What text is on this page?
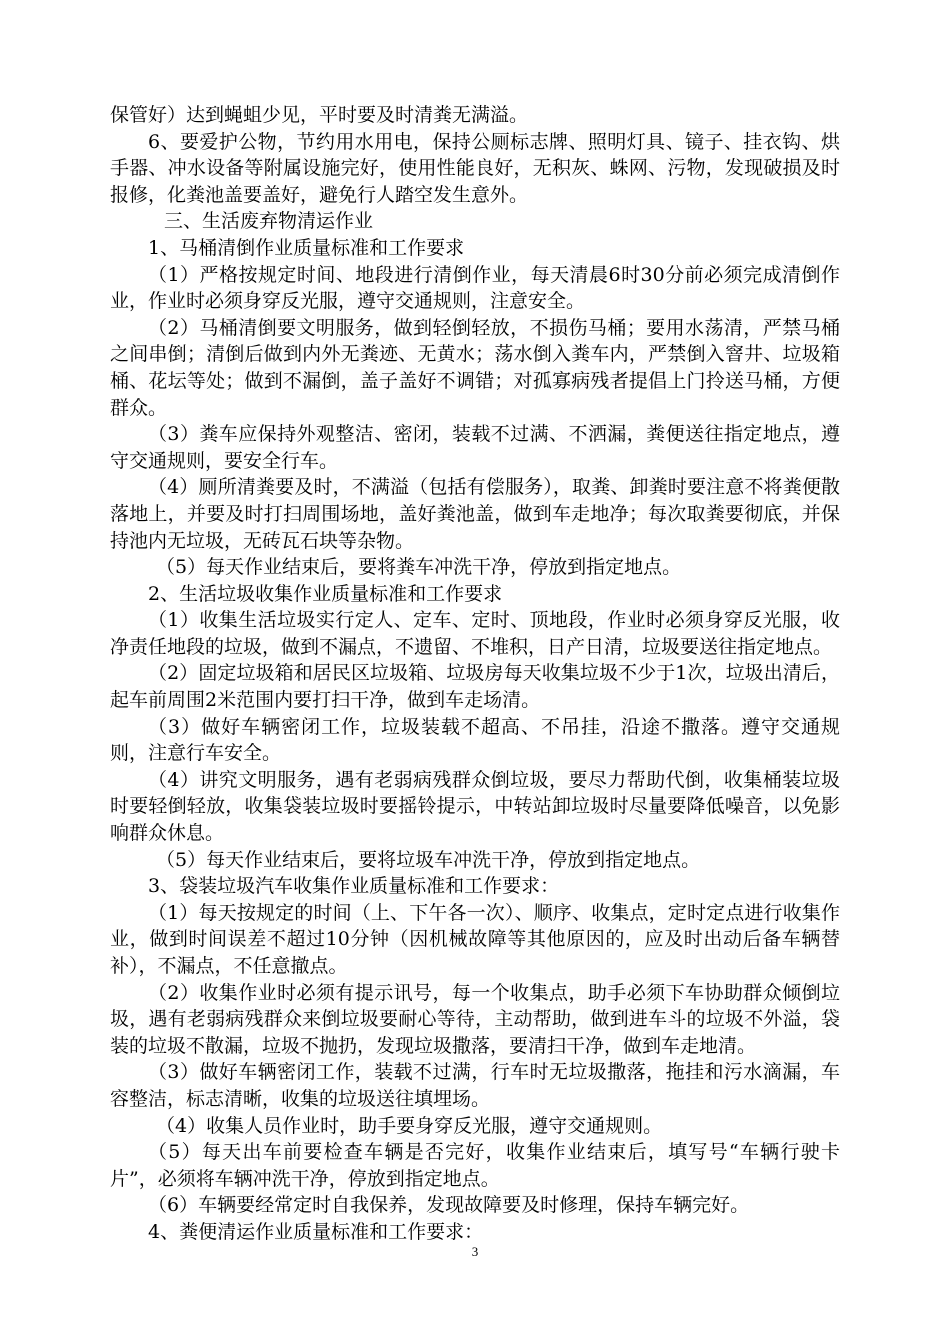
保管好）达到蝇蛆少见，平时要及时清粪无满溢。

6、要爱护公物，节约用水用电，保持公厕标志牌、照明灯具、镜子、挂衣钩、烘手器、冲水设备等附属设施完好，使用性能良好，无积灰、蛛网、污物，发现破损及时报修，化粪池盖要盖好，避免行人踏空发生意外。

三、生活废弃物清运作业

1、马桶清倒作业质量标准和工作要求

（1）严格按规定时间、地段进行清倒作业，每天清晨6时30分前必须完成清倒作业，作业时必须身穿反光服，遵守交通规则，注意安全。

（2）马桶清倒要文明服务，做到轻倒轻放，不损伤马桶；要用水荡清，严禁马桶之间串倒；清倒后做到内外无粪迹、无黄水；荡水倒入粪车内，严禁倒入窨井、垃圾箱桶、花坛等处；做到不漏倒，盖子盖好不调错；对孤寡病残者提倡上门拎送马桶，方便群众。

（3）粪车应保持外观整洁、密闭，装载不过满、不洒漏，粪便送往指定地点，遵守交通规则，要安全行车。

（4）厕所清粪要及时，不满溢（包括有偿服务），取粪、卸粪时要注意不将粪便散落地上，并要及时打扫周围场地，盖好粪池盖，做到车走地净；每次取粪要彻底，并保持池内无垃圾，无砖瓦石块等杂物。

（5）每天作业结束后，要将粪车冲洗干净，停放到指定地点。

2、生活垃圾收集作业质量标准和工作要求

（1）收集生活垃圾实行定人、定车、定时、顶地段，作业时必须身穿反光服，收净责任地段的垃圾，做到不漏点，不遗留、不堆积，日产日清，垃圾要送往指定地点。

（2）固定垃圾箱和居民区垃圾箱、垃圾房每天收集垃圾不少于1次，垃圾出清后，起车前周围2米范围内要打扫干净，做到车走场清。

（3）做好车辆密闭工作，垃圾装载不超高、不吊挂，沿途不撒落。遵守交通规则，注意行车安全。

（4）讲究文明服务，遇有老弱病残群众倒垃圾，要尽力帮助代倒，收集桶装垃圾时要轻倒轻放，收集袋装垃圾时要摇铃提示，中转站卸垃圾时尽量要降低噪音，以免影响群众休息。

（5）每天作业结束后，要将垃圾车冲洗干净，停放到指定地点。

3、袋装垃圾汽车收集作业质量标准和工作要求：

（1）每天按规定的时间（上、下午各一次）、顺序、收集点，定时定点进行收集作业，做到时间误差不超过10分钟（因机械故障等其他原因的，应及时出动后备车辆替补），不漏点，不任意撤点。

（2）收集作业时必须有提示讯号，每一个收集点，助手必须下车协助群众倾倒垃圾，遇有老弱病残群众来倒垃圾要耐心等待，主动帮助，做到进车斗的垃圾不外溢，袋装的垃圾不散漏，垃圾不抛扔，发现垃圾撒落，要清扫干净，做到车走地清。

（3）做好车辆密闭工作，装载不过满，行车时无垃圾撒落，拖挂和污水滴漏，车容整洁，标志清晰，收集的垃圾送往填埋场。

（4）收集人员作业时，助手要身穿反光服，遵守交通规则。

（5）每天出车前要检查车辆是否完好，收集作业结束后，填写号“车辆行驶卡片”，必须将车辆冲洗干净，停放到指定地点。

（6）车辆要经常定时自我保养，发现故障要及时修理，保持车辆完好。

4、粪便清运作业质量标准和工作要求：

3
